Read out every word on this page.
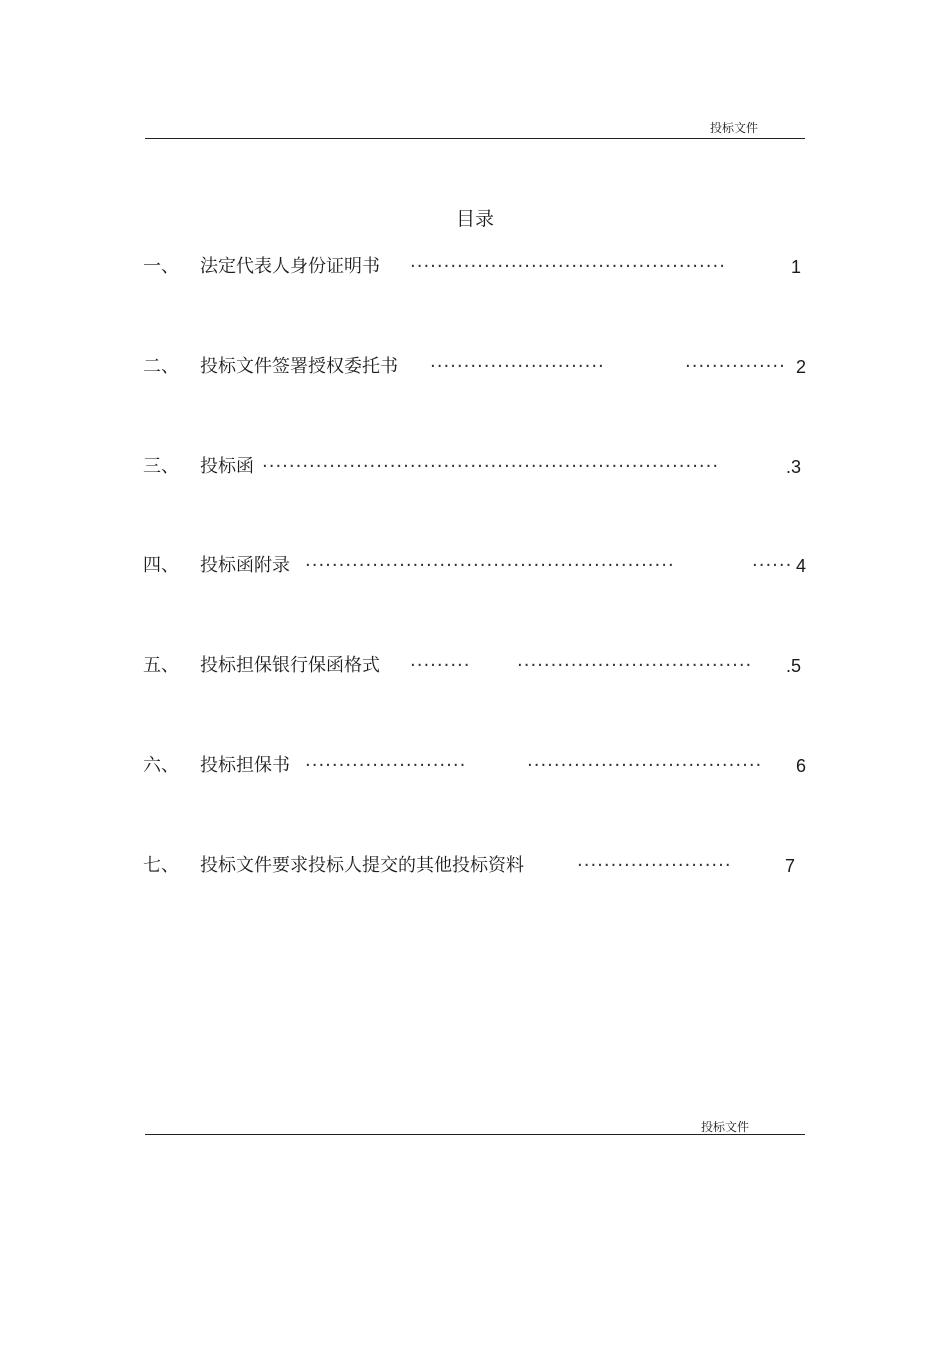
投标文件
目录
一、 法定代表人身份证明书 ···············································	1
二、 投标文件签署授权委托书 ··························	··············· 2
三、 投标函 ····································································	.3
四、 投标函附录 ·······················································	······ 4
五、 投标担保银行保函格式 ·········	··································· .5
六、 投标担保书 ························	··································· 6
七、 投标文件要求投标人提交的其他投标资料	·······················	7
投标文件
